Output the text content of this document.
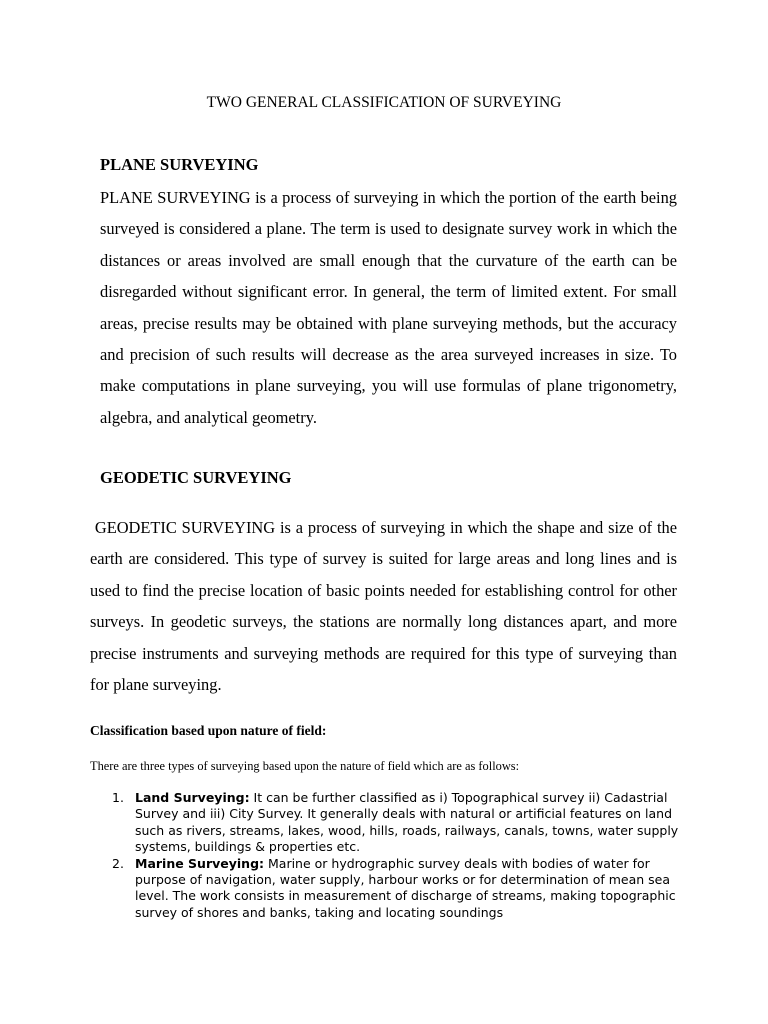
TWO GENERAL CLASSIFICATION OF SURVEYING
PLANE SURVEYING

PLANE SURVEYING is a process of surveying in which the portion of the earth being surveyed is considered a plane. The term is used to designate survey work in which the distances or areas involved are small enough that the curvature of the earth can be disregarded without significant error. In general, the term of limited extent. For small areas, precise results may be obtained with plane surveying methods, but the accuracy and precision of such results will decrease as the area surveyed increases in size. To make computations in plane surveying, you will use formulas of plane trigonometry, algebra, and analytical geometry.

GEODETIC SURVEYING

GEODETIC SURVEYING is a process of surveying in which the shape and size of the earth are considered. This type of survey is suited for large areas and long lines and is used to find the precise location of basic points needed for establishing control for other surveys. In geodetic surveys, the stations are normally long distances apart, and more precise instruments and surveying methods are required for this type of surveying than for plane surveying.

Classification based upon nature of field:

There are three types of surveying based upon the nature of field which are as follows:

1. Land Surveying: It can be further classified as i) Topographical survey ii) Cadastrial Survey and iii) City Survey. It generally deals with natural or artificial features on land such as rivers, streams, lakes, wood, hills, roads, railways, canals, towns, water supply systems, buildings & properties etc.
2. Marine Surveying: Marine or hydrographic survey deals with bodies of water for purpose of navigation, water supply, harbour works or for determination of mean sea level. The work consists in measurement of discharge of streams, making topographic survey of shores and banks, taking and locating soundings
